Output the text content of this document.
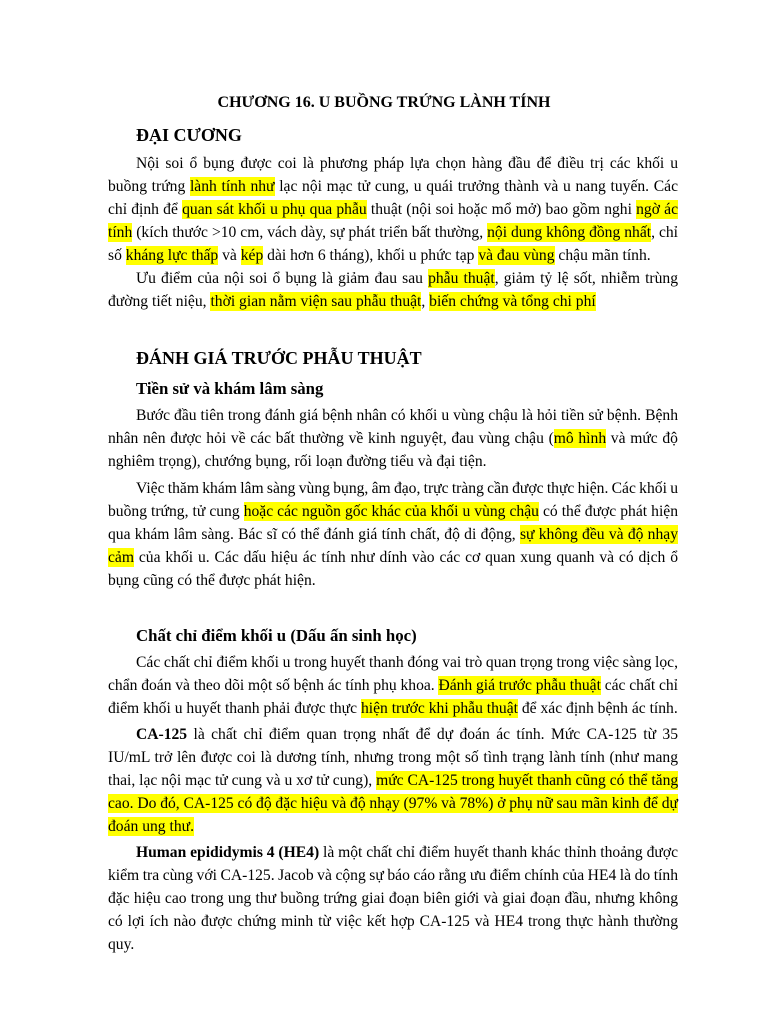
CHƯƠNG 16. U BUỒNG TRỨNG LÀNH TÍNH
ĐẠI CƯƠNG
Nội soi ổ bụng được coi là phương pháp lựa chọn hàng đầu để điều trị các khối u
buồng trứng lành tính như lạc nội mạc tử cung, u quái trưởng thành và u nang tuyến. Các
chỉ định để quan sát khối u phụ qua phẫu thuật (nội soi hoặc mổ mở) bao gồm nghi ngờ ác
tính (kích thước >10 cm, vách dày, sự phát triển bất thường, nội dung không đồng nhất, chỉ
số kháng lực thấp và kép dài hơn 6 tháng), khối u phức tạp và đau vùng chậu mãn tính.
Ưu điểm của nội soi ổ bụng là giảm đau sau phẫu thuật, giảm tỷ lệ sốt, nhiễm trùng
đường tiết niệu, thời gian nằm viện sau phẫu thuật, biến chứng và tổng chi phí
ĐÁNH GIÁ TRƯỚC PHẪU THUẬT
Tiền sử và khám lâm sàng
Bước đầu tiên trong đánh giá bệnh nhân có khối u vùng chậu là hỏi tiền sử bệnh. Bệnh
nhân nên được hỏi về các bất thường về kinh nguyệt, đau vùng chậu (mô hình và mức độ
nghiêm trọng), chướng bụng, rối loạn đường tiểu và đại tiện.
Việc thăm khám lâm sàng vùng bụng, âm đạo, trực tràng cần được thực hiện. Các khối u
buồng trứng, tử cung hoặc các nguồn gốc khác của khối u vùng chậu có thể được phát hiện
qua khám lâm sàng. Bác sĩ có thể đánh giá tính chất, độ di động, sự không đều và độ nhạy
cảm của khối u. Các dấu hiệu ác tính như dính vào các cơ quan xung quanh và có dịch ổ
bụng cũng có thể được phát hiện.
Chất chỉ điểm khối u (Dấu ấn sinh học)
Các chất chỉ điểm khối u trong huyết thanh đóng vai trò quan trọng trong việc sàng lọc,
chẩn đoán và theo dõi một số bệnh ác tính phụ khoa. Đánh giá trước phẫu thuật các chất chỉ
điểm khối u huyết thanh phải được thực hiện trước khi phẫu thuật để xác định bệnh ác tính.
CA-125 là chất chỉ điểm quan trọng nhất để dự đoán ác tính. Mức CA-125 từ 35
IU/mL trở lên được coi là dương tính, nhưng trong một số tình trạng lành tính (như mang
thai, lạc nội mạc tử cung và u xơ tử cung), mức CA-125 trong huyết thanh cũng có thể tăng
cao. Do đó, CA-125 có độ đặc hiệu và độ nhạy (97% và 78%) ở phụ nữ sau mãn kinh để dự
đoán ung thư.
Human epididymis 4 (HE4) là một chất chỉ điểm huyết thanh khác thỉnh thoảng được
kiểm tra cùng với CA-125. Jacob và cộng sự báo cáo rằng ưu điểm chính của HE4 là do tính
đặc hiệu cao trong ung thư buồng trứng giai đoạn biên giới và giai đoạn đầu, nhưng không
có lợi ích nào được chứng minh từ việc kết hợp CA-125 và HE4 trong thực hành thường
quy.
